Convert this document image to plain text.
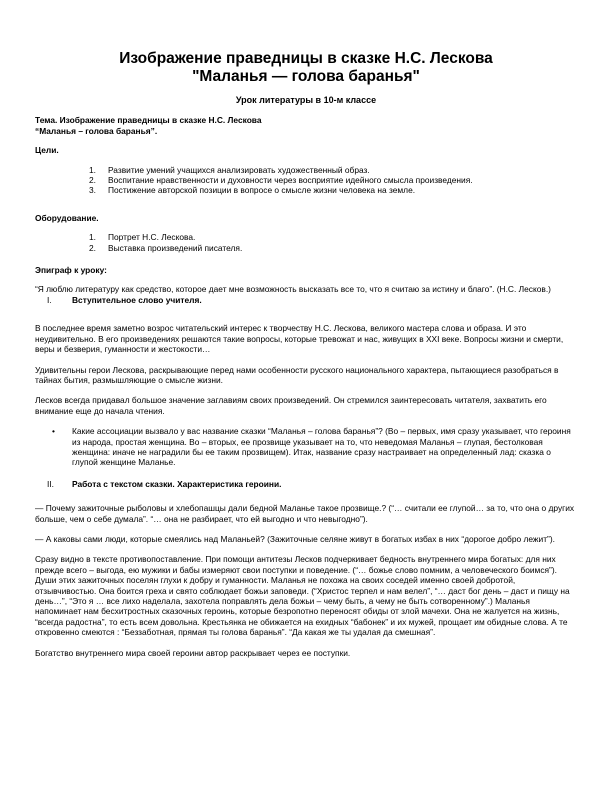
Изображение праведницы в сказке Н.С. Лескова
"Маланья — голова баранья"
Урок литературы в 10-м классе
Тема. Изображение праведницы в сказке Н.С. Лескова
“Маланья – голова баранья”.
Цели.
1. Развитие умений учащихся анализировать художественный образ.
2. Воспитание нравственности и духовности через восприятие идейного смысла произведения.
3. Постижение авторской позиции в вопросе о смысле жизни человека на земле.
Оборудование.
1. Портрет Н.С. Лескова.
2. Выставка произведений писателя.
Эпиграф к уроку:
“Я люблю литературу как средство, которое дает мне возможность высказать все то, что я считаю за истину и благо”. (Н.С. Лесков.)
I. Вступительное слово учителя.

В последнее время заметно возрос читательский интерес к творчеству Н.С. Лескова, великого мастера слова и образа. И это неудивительно. В его произведениях решаются такие вопросы, которые тревожат и нас, живущих в XXI веке. Вопросы жизни и смерти, веры и безверия, гуманности и жестокости…

Удивительны герои Лескова, раскрывающие перед нами особенности русского национального характера, пытающиеся разобраться в тайнах бытия, размышляющие о смысле жизни.

Лесков всегда придавал большое значение заглавиям своих произведений. Он стремился заинтересовать читателя, захватить его внимание еще до начала чтения.

• Какие ассоциации вызвало у вас название сказки “Маланья – голова баранья”? (Во – первых, имя сразу указывает, что героиня из народа, простая женщина. Во – вторых, ее прозвище указывает на то, что неведомая Маланья – глупая, бестолковая женщина: иначе не наградили бы ее таким прозвищем). Итак, название сразу настраивает на определенный лад: сказка о глупой женщине Маланье.
II. Работа с текстом сказки. Характеристика героини.

— Почему зажиточные рыболовы и хлебопашцы дали бедной Маланье такое прозвище.? (“… считали ее глупой… за то, что она о других больше, чем о себе думала”. “… она не разбирает, что ей выгодно и что невыгодно”).

— А каковы сами люди, которые смеялись над Маланьей? (Зажиточные селяне живут в богатых избах в них “дорогое добро лежит”).

Сразу видно в тексте противопоставление. При помощи антитезы Лесков подчеркивает бедность внутреннего мира богатых: для них прежде всего – выгода, ею мужики и бабы измеряют свои поступки и поведение. (“… божье слово помним, а человеческого боимся”). Души этих зажиточных поселян глухи к добру и гуманности. Маланья не похожа на своих соседей именно своей добротой, отзывчивостью. Она боится греха и свято соблюдает божьи заповеди. (“Христос терпел и нам велел”, “… даст бог день – даст и пищу на день…”, “Это я … все лихо наделала, захотела поправлять дела божьи – чему быть, а чему не быть сотворенному”.) Маланья напоминает нам бесхитростных сказочных героинь, которые безропотно переносят обиды от злой мачехи. Она не жалуется на жизнь, “всегда радостна”, то есть всем довольна. Крестьянка не обижается на ехидных “бабонек” и их мужей, прощает им обидные слова. А те откровенно смеются : “Беззаботная, прямая ты голова баранья”. “Да какая же ты удалая да смешная”.

Богатство внутреннего мира своей героини автор раскрывает через ее поступки.
